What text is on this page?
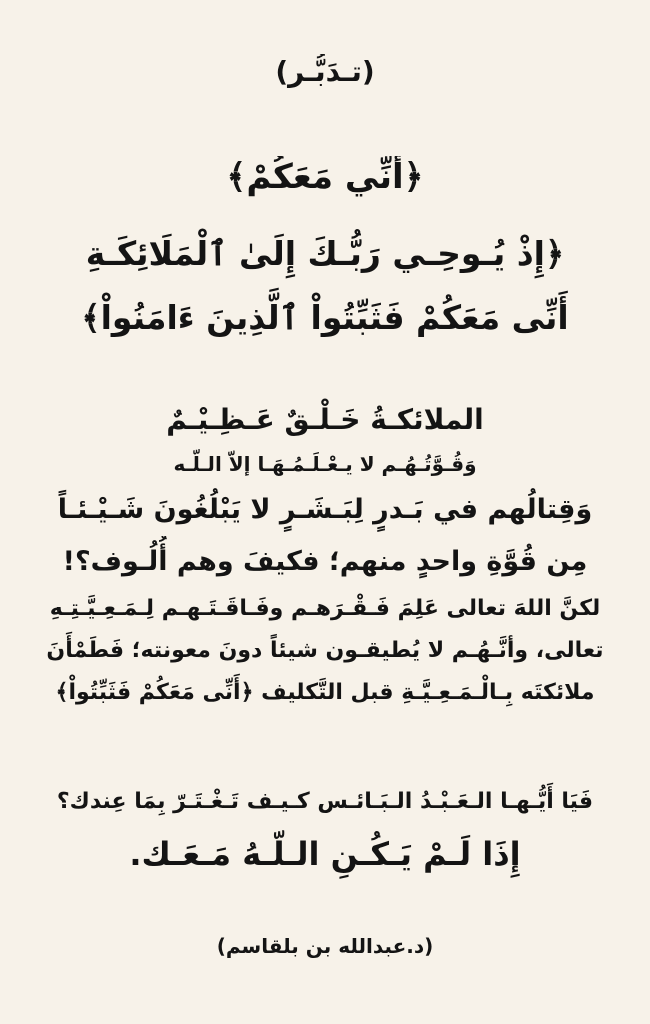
(تـدَبُّـر)
﴿أَنِّي مَعَكُمْ﴾
﴿إِذْ يُـوحِـي رَبُّـكَ إِلَىٰ ٱلْمَلَائِكَـةِ
أَنِّى مَعَكُمْ فَثَبِّتُواْ ٱلَّذِينَ ءَامَنُواْ﴾
الملائكـةُ خَـلْـقٌ عَـظِـيْـمٌ
وَقُـوَّتُـهُـم لا يـعْـلَـمُـهَـا إلاّ الـلّـه
وَقِتالُهم في بَـدرٍ لِبَـشَـرٍ لا يَبْلُغُونَ شَـيْـئـاً
مِن قُوَّةِ واحدٍ منهم؛ فكيفَ وهم أُلُـوف؟!
لكنَّ اللهَ تعالى عَلِمَ فَـقْـرَهـم وفَـاقَـتَـهـم لِـمَـعِـيَّـتِـهِ
تعالى، وأنَّـهُـم لا يُطيقـون شيئاً دونَ معونته؛ فَطَمْأَنَ
ملائكتَه بِـالْـمَـعِـيَّـةِ قبل التَّكليف ﴿أَنِّى مَعَكُمْ فَثَبِّتُواْ﴾
فَيَا أَيُّـهـا الـعَـبْـدُ الـبَـائـس كـيـف تَـغْـتَـرّ بِمَا عِندك؟
إِذَا لَـمْ يَـكُـنِ الـلّـهُ مَـعَـك.
(د.عبدالله بن بلقاسم)
